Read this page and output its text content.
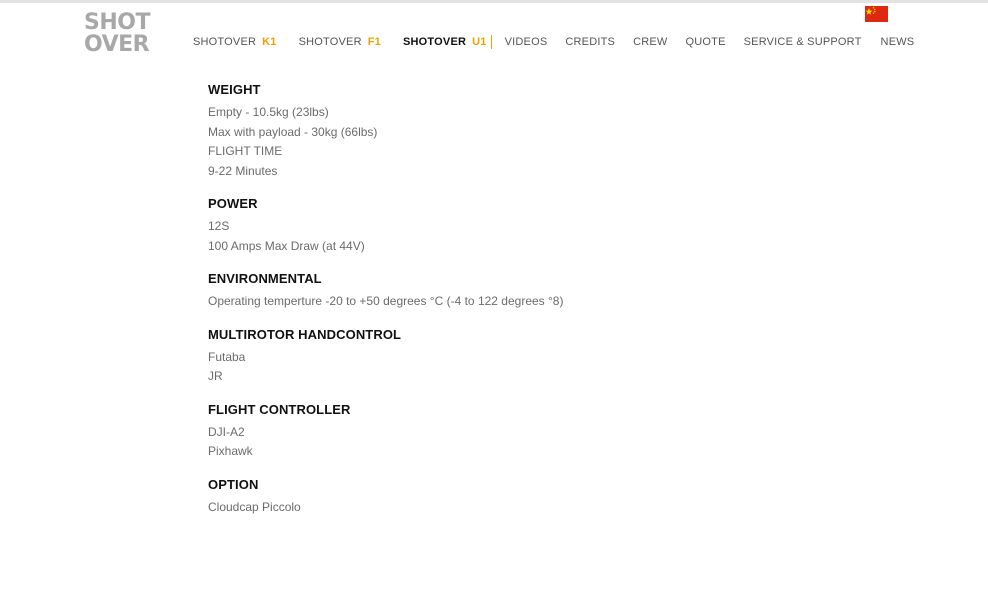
SHOT
OVER	SHOTOVER K1 SHOTOVER F1 SHOTOVER U1	VIDEOS CREDITS CREW QUOTE SERVICE & SUPPORT NEWS
WEIGHT
Empty - 10.5kg (23lbs)
Max with payload - 30kg (66lbs)
FLIGHT TIME
9-22 Minutes
POWER
12S
100 Amps Max Draw (at 44V)
ENVIRONMENTAL
Operating temperture -20 to +50 degrees °C (-4 to 122 degrees °8)
MULTIROTOR HANDCONTROL
Futaba
JR
FLIGHT CONTROLLER
DJI-A2
Pixhawk
OPTION
Cloudcap Piccolo
